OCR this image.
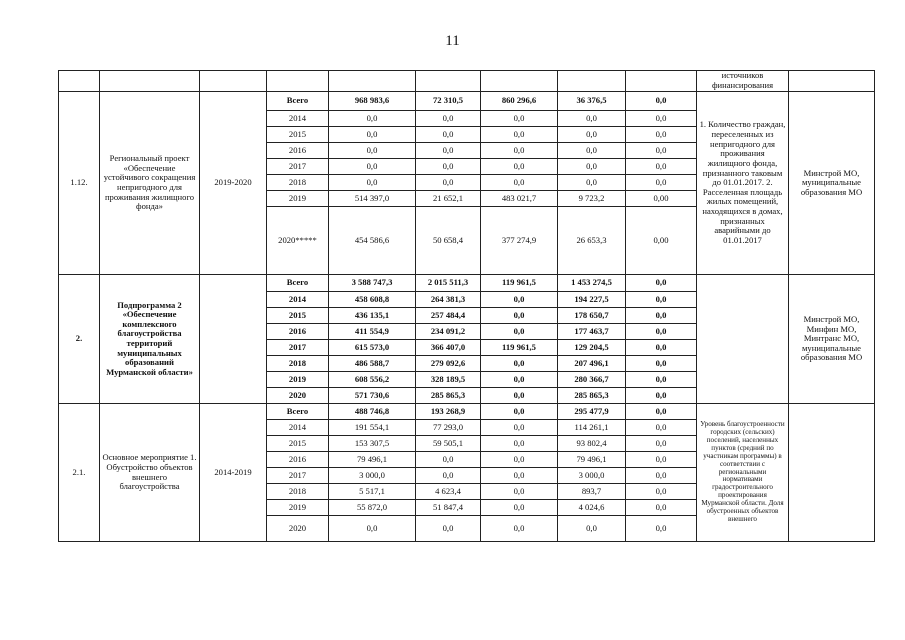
11
									источников финансирования	
1.12.	Региональный проект «Обеспечение устойчивого сокращения непригодного для проживания жилищного фонда»	2019-2020	Всего	968 983,6	72 310,5	860 296,6	36 376,5	0,0	1. Количество граждан, переселенных из непригодного для проживания жилищного фонда, признанного таковым до 01.01.2017. 2. Расселенная площадь жилых помещений, находящихся в домах, признанных аварийными до 01.01.2017	Минстрой МО, муниципальные образования МО
			2014	0,0	0,0	0,0	0,0	0,0		
			2015	0,0	0,0	0,0	0,0	0,0		
			2016	0,0	0,0	0,0	0,0	0,0		
			2017	0,0	0,0	0,0	0,0	0,0		
			2018	0,0	0,0	0,0	0,0	0,0		
			2019	514 397,0	21 652,1	483 021,7	9 723,2	0,00		
			2020*****	454 586,6	50 658,4	377 274,9	26 653,3	0,00		
2.	Подпрограмма 2 «Обеспечение комплексного благоустройства территорий муниципальных образований Мурманской области»		Всего	3 588 747,3	2 015 511,3	119 961,5	1 453 274,5	0,0		Минстрой МО, Минфин МО, Минтранс МО, муниципальные образования МО
			2014	458 608,8	264 381,3	0,0	194 227,5	0,0		
			2015	436 135,1	257 484,4	0,0	178 650,7	0,0		
			2016	411 554,9	234 091,2	0,0	177 463,7	0,0		
			2017	615 573,0	366 407,0	119 961,5	129 204,5	0,0		
			2018	486 588,7	279 092,6	0,0	207 496,1	0,0		
			2019	608 556,2	328 189,5	0,0	280 366,7	0,0		
			2020	571 730,6	285 865,3	0,0	285 865,3	0,0		
2.1.	Основное мероприятие 1. Обустройство объектов внешнего благоустройства	2014-2019	Всего	488 746,8	193 268,9	0,0	295 477,9	0,0	Уровень благоустроенности городских (сельских) поселений, населенных пунктов (средний по участникам программы) в соответствии с региональными нормативами градостроительного проектирования Мурманской области. Доля обустроенных объектов внешнего	
			2014	191 554,1	77 293,0	0,0	114 261,1	0,0		
			2015	153 307,5	59 505,1	0,0	93 802,4	0,0		
			2016	79 496,1	0,0	0,0	79 496,1	0,0		
			2017	3 000,0	0,0	0,0	3 000,0	0,0		
			2018	5 517,1	4 623,4	0,0	893,7	0,0		
			2019	55 872,0	51 847,4	0,0	4 024,6	0,0		
			2020	0,0	0,0	0,0	0,0	0,0		
